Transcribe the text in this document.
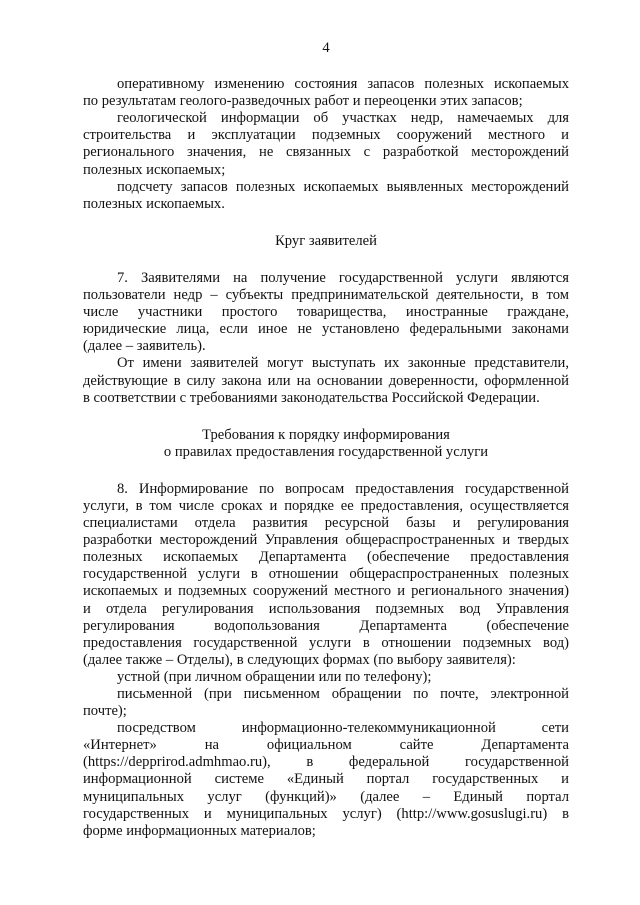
4
оперативному изменению состояния запасов полезных ископаемых
по результатам геолого-разведочных работ и переоценки этих запасов;
геологической информации об участках недр, намечаемых для
строительства и эксплуатации подземных сооружений местного и
регионального значения, не связанных с разработкой месторождений
полезных ископаемых;
подсчету запасов полезных ископаемых выявленных месторождений
полезных ископаемых.

Круг заявителей

7. Заявителями на получение государственной услуги являются
пользователи недр – субъекты предпринимательской деятельности, в том
числе участники простого товарищества, иностранные граждане,
юридические лица, если иное не установлено федеральными законами
(далее – заявитель).
От имени заявителей могут выступать их законные представители,
действующие в силу закона или на основании доверенности, оформленной
в соответствии с требованиями законодательства Российской Федерации.

Требования к порядку информирования

о правилах предоставления государственной услуги

8. Информирование по вопросам предоставления государственной
услуги, в том числе сроках и порядке ее предоставления, осуществляется
специалистами отдела развития ресурсной базы и регулирования
разработки месторождений Управления общераспространенных и твердых
полезных ископаемых Департамента (обеспечение предоставления
государственной услуги в отношении общераспространенных полезных
ископаемых и подземных сооружений местного и регионального значения)
и отдела регулирования использования подземных вод Управления
регулирования водопользования Департамента (обеспечение
предоставления государственной услуги в отношении подземных вод)
(далее также – Отделы), в следующих формах (по выбору заявителя):
устной (при личном обращении или по телефону);
письменной (при письменном обращении по почте, электронной
почте);
посредством информационно-телекоммуникационной сети
«Интернет» на официальном сайте Департамента
(https://depprirod.admhmao.ru), в федеральной государственной
информационной системе «Единый портал государственных и
муниципальных услуг (функций)» (далее – Единый портал
государственных и муниципальных услуг) (http://www.gosuslugi.ru) в
форме информационных материалов;
